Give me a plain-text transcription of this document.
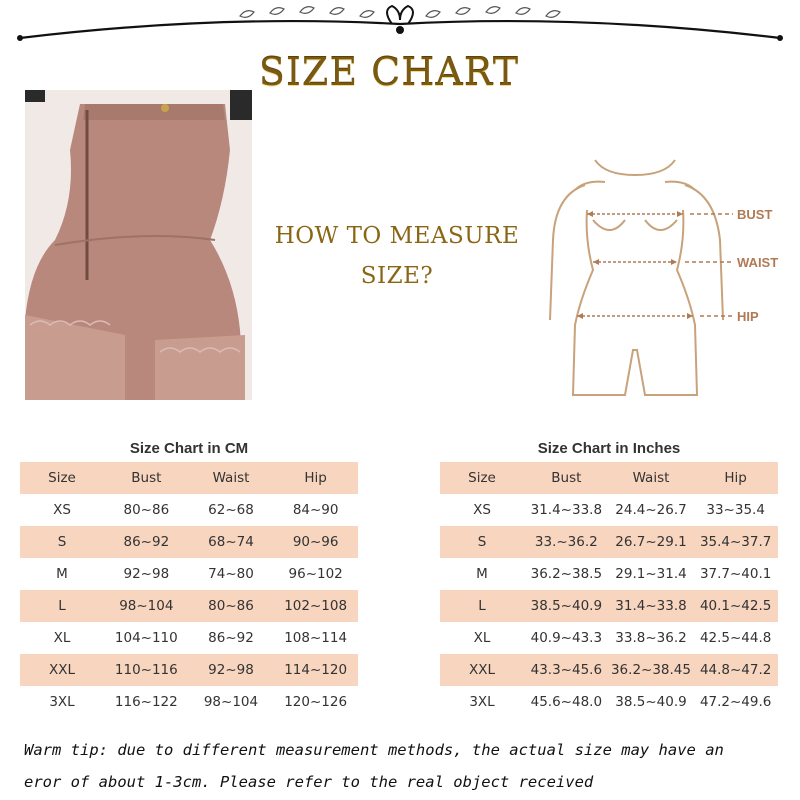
SIZE CHART
HOW TO MEASURE
SIZE?
BUST
WAIST
HIP
Size Chart in CM
Size	Bust	Waist	Hip
XS	80~86	62~68	84~90
S	86~92	68~74	90~96
M	92~98	74~80	96~102
L	98~104	80~86	102~108
XL	104~110	86~92	108~114
XXL	110~116	92~98	114~120
3XL	116~122	98~104	120~126
Size Chart in Inches
Size	Bust	Waist	Hip
XS	31.4~33.8	24.4~26.7	33~35.4
S	33.~36.2	26.7~29.1	35.4~37.7
M	36.2~38.5	29.1~31.4	37.7~40.1
L	38.5~40.9	31.4~33.8	40.1~42.5
XL	40.9~43.3	33.8~36.2	42.5~44.8
XXL	43.3~45.6	36.2~38.45	44.8~47.2
3XL	45.6~48.0	38.5~40.9	47.2~49.6
Warm tip: due to different measurement methods, the actual size may have an
eror of about 1-3cm. Please refer to the real object received
